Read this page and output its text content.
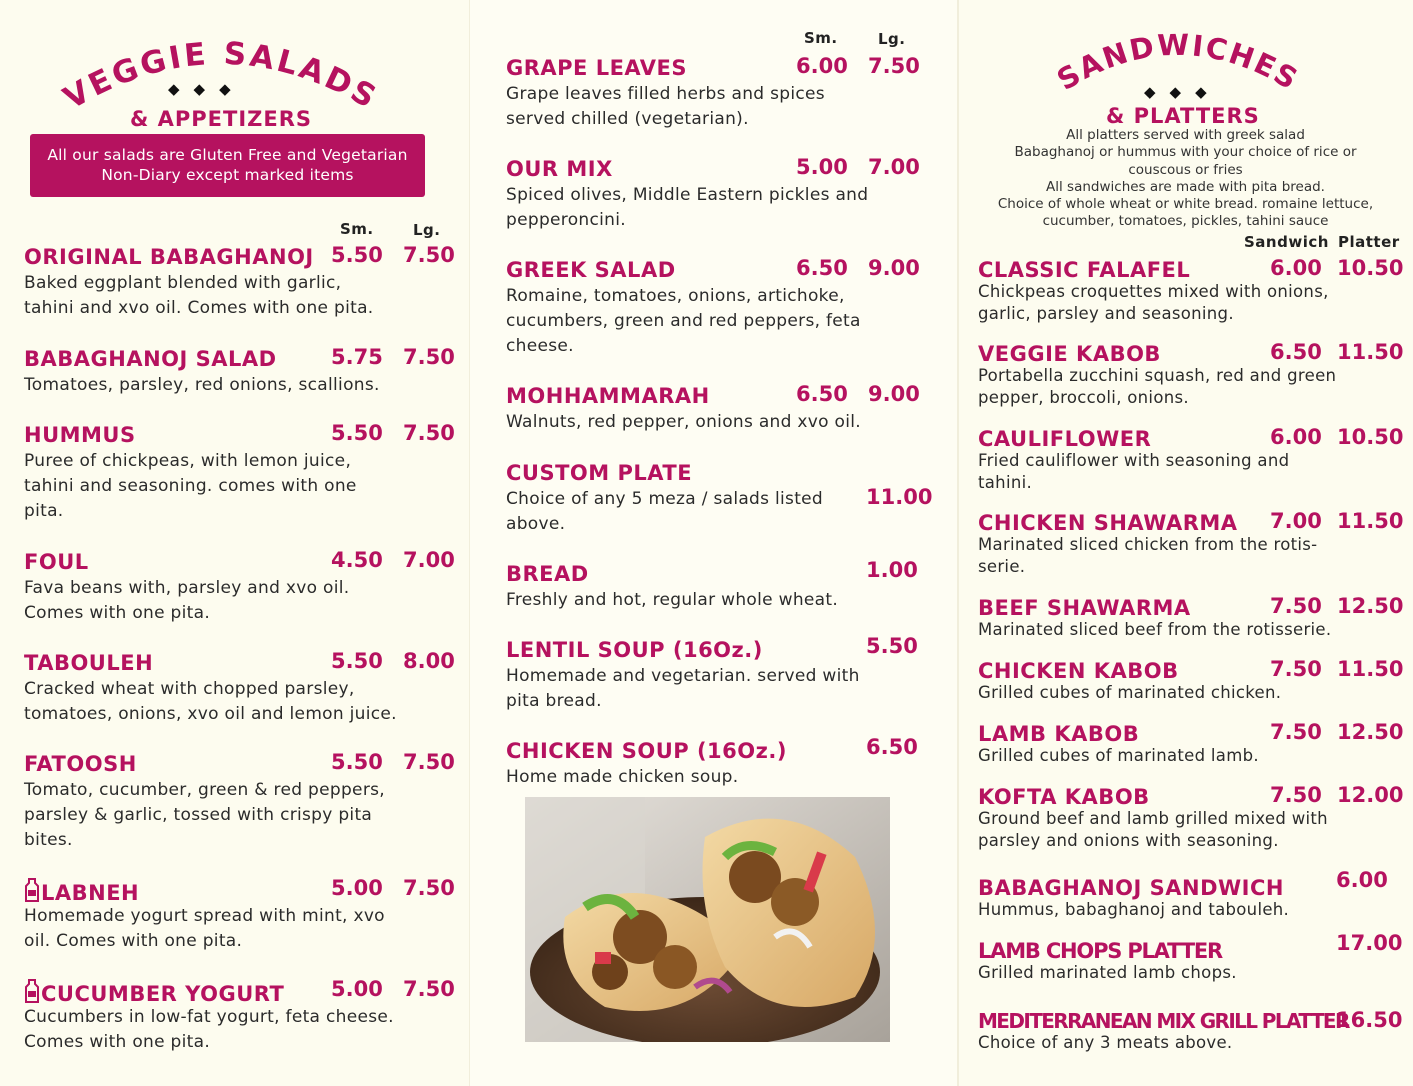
VEGGIE SALADS
◆◆◆
& APPETIZERS
All our salads are Gluten Free and Vegetarian
Non-Diary except marked items
Sm.	Lg.
ORIGINAL BABAGHANOJ 5.50 7.50
Baked eggplant blended with garlic,
tahini and xvo oil. Comes with one pita.
BABAGHANOJ SALAD	5.75 7.50
Tomatoes, parsley, red onions, scallions.
HUMMUS	5.50 7.50
Puree of chickpeas, with lemon juice,
tahini and seasoning. comes with one
pita.
FOUL	4.50 7.00
Fava beans with, parsley and xvo oil.
Comes with one pita.
TABOULEH	5.50 8.00
Cracked wheat with chopped parsley,
tomatoes, onions, xvo oil and lemon juice.
FATOOSH	5.50 7.50
Tomato, cucumber, green & red peppers,
parsley & garlic, tossed with crispy pita
bites.
LABNEH	5.00 7.50
Homemade yogurt spread with mint, xvo
oil. Comes with one pita.
CUCUMBER YOGURT 5.00 7.50
Cucumbers in low-fat yogurt, feta cheese.
Comes with one pita.
Sm.	Lg.
GRAPE LEAVES	6.00 7.50
Grape leaves filled herbs and spices
served chilled (vegetarian).
OUR MIX	5.00 7.00
Spiced olives, Middle Eastern pickles and
pepperoncini.
GREEK SALAD	6.50 9.00
Romaine, tomatoes, onions, artichoke,
cucumbers, green and red peppers, feta
cheese.
MOHHAMMARAH	6.50 9.00
Walnuts, red pepper, onions and xvo oil.
CUSTOM PLATE
11.00
Choice of any 5 meza / salads listed
above.
BREAD	1.00
Freshly and hot, regular whole wheat.
LENTIL SOUP (16Oz.)	5.50
Homemade and vegetarian. served with
pita bread.
CHICKEN SOUP (16Oz.)	6.50
Home made chicken soup.
SANDWICHES
◆◆◆
& PLATTERS
All platters served with greek salad
Babaghanoj or hummus with your choice of rice or
couscous or fries
All sandwiches are made with pita bread.
Choice of whole wheat or white bread. romaine lettuce,
cucumber, tomatoes, pickles, tahini sauce
Sandwich Platter
CLASSIC FALAFEL	6.00 10.50
Chickpeas croquettes mixed with onions,
garlic, parsley and seasoning.
VEGGIE KABOB	6.50 11.50
Portabella zucchini squash, red and green
pepper, broccoli, onions.
CAULIFLOWER	6.00 10.50
Fried cauliflower with seasoning and
tahini.
CHICKEN SHAWARMA 7.00 11.50
Marinated sliced chicken from the rotis-
serie.
BEEF SHAWARMA	7.50 12.50
Marinated sliced beef from the rotisserie.
CHICKEN KABOB	7.50 11.50
Grilled cubes of marinated chicken.
LAMB KABOB	7.50 12.50
Grilled cubes of marinated lamb.
KOFTA KABOB	7.50 12.00
Ground beef and lamb grilled mixed with
parsley and onions with seasoning.
BABAGHANOJ SANDWICH 6.00
Hummus, babaghanoj and tabouleh.
LAMB CHOPS PLATTER	17.00
Grilled marinated lamb chops.
MEDITERRANEAN MIX GRILL PLATTER
16.50
Choice of any 3 meats above.
